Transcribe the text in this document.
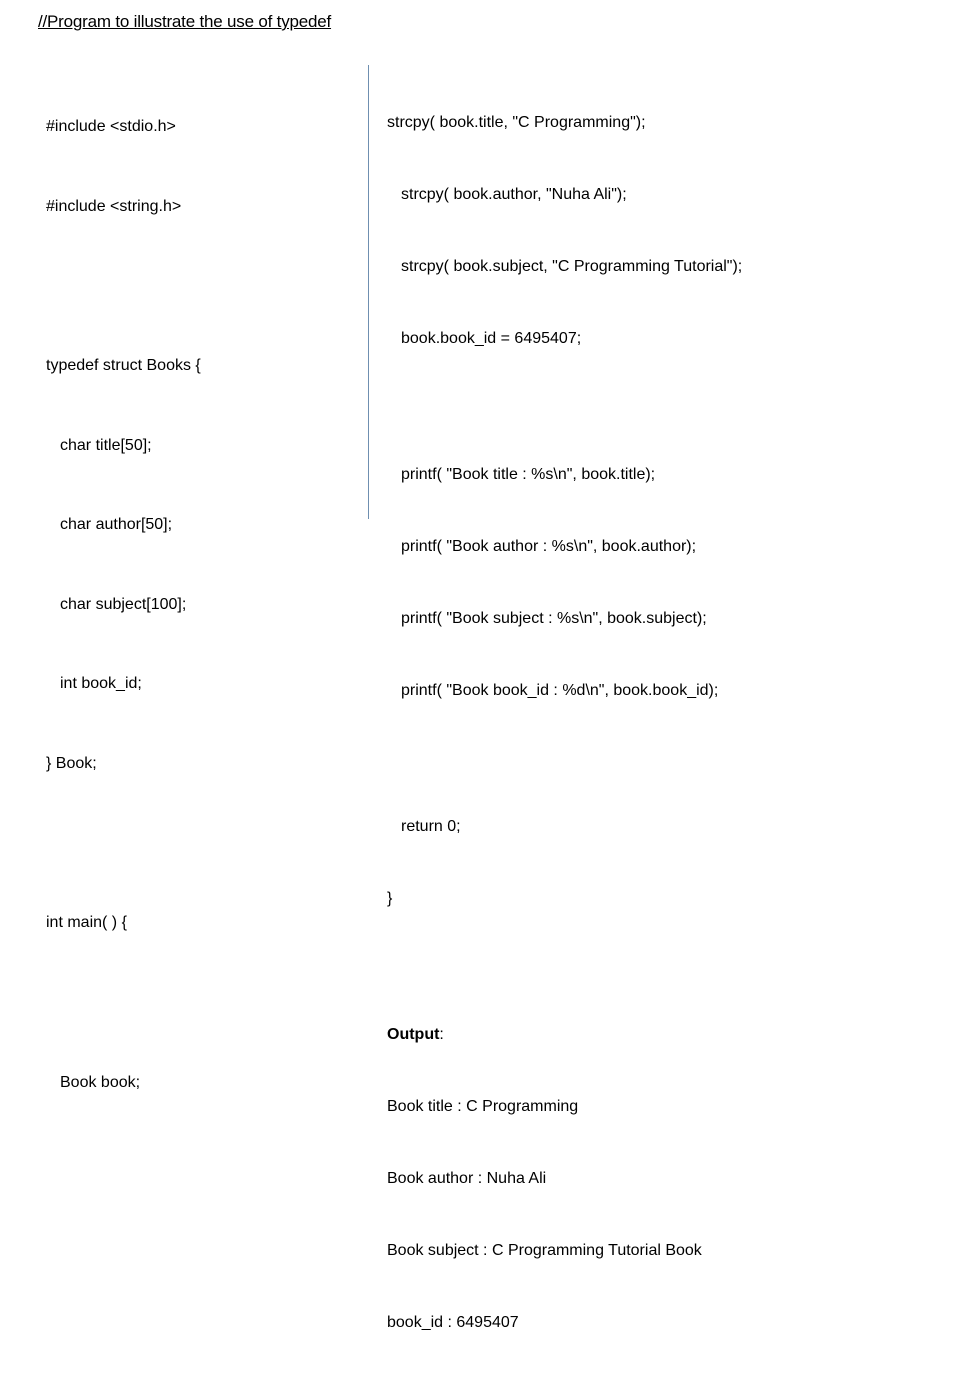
//Program to illustrate the use of typedef

#include <stdio.h>

#include <string.h>

typedef struct Books {

char title[50];

char author[50];

char subject[100];

int book_id;

} Book;

int main( ) {

Book book;

strcpy( book.title, "C Programming");

strcpy( book.author, "Nuha Ali");

strcpy( book.subject, "C Programming Tutorial");

book.book_id = 6495407;

printf( "Book title : %s\n", book.title);

printf( "Book author : %s\n", book.author);

printf( "Book subject : %s\n", book.subject);

printf( "Book book_id : %d\n", book.book_id);

return 0;

}

Output:

Book title : C Programming

Book author : Nuha Ali

Book subject : C Programming Tutorial Book

book_id : 6495407
